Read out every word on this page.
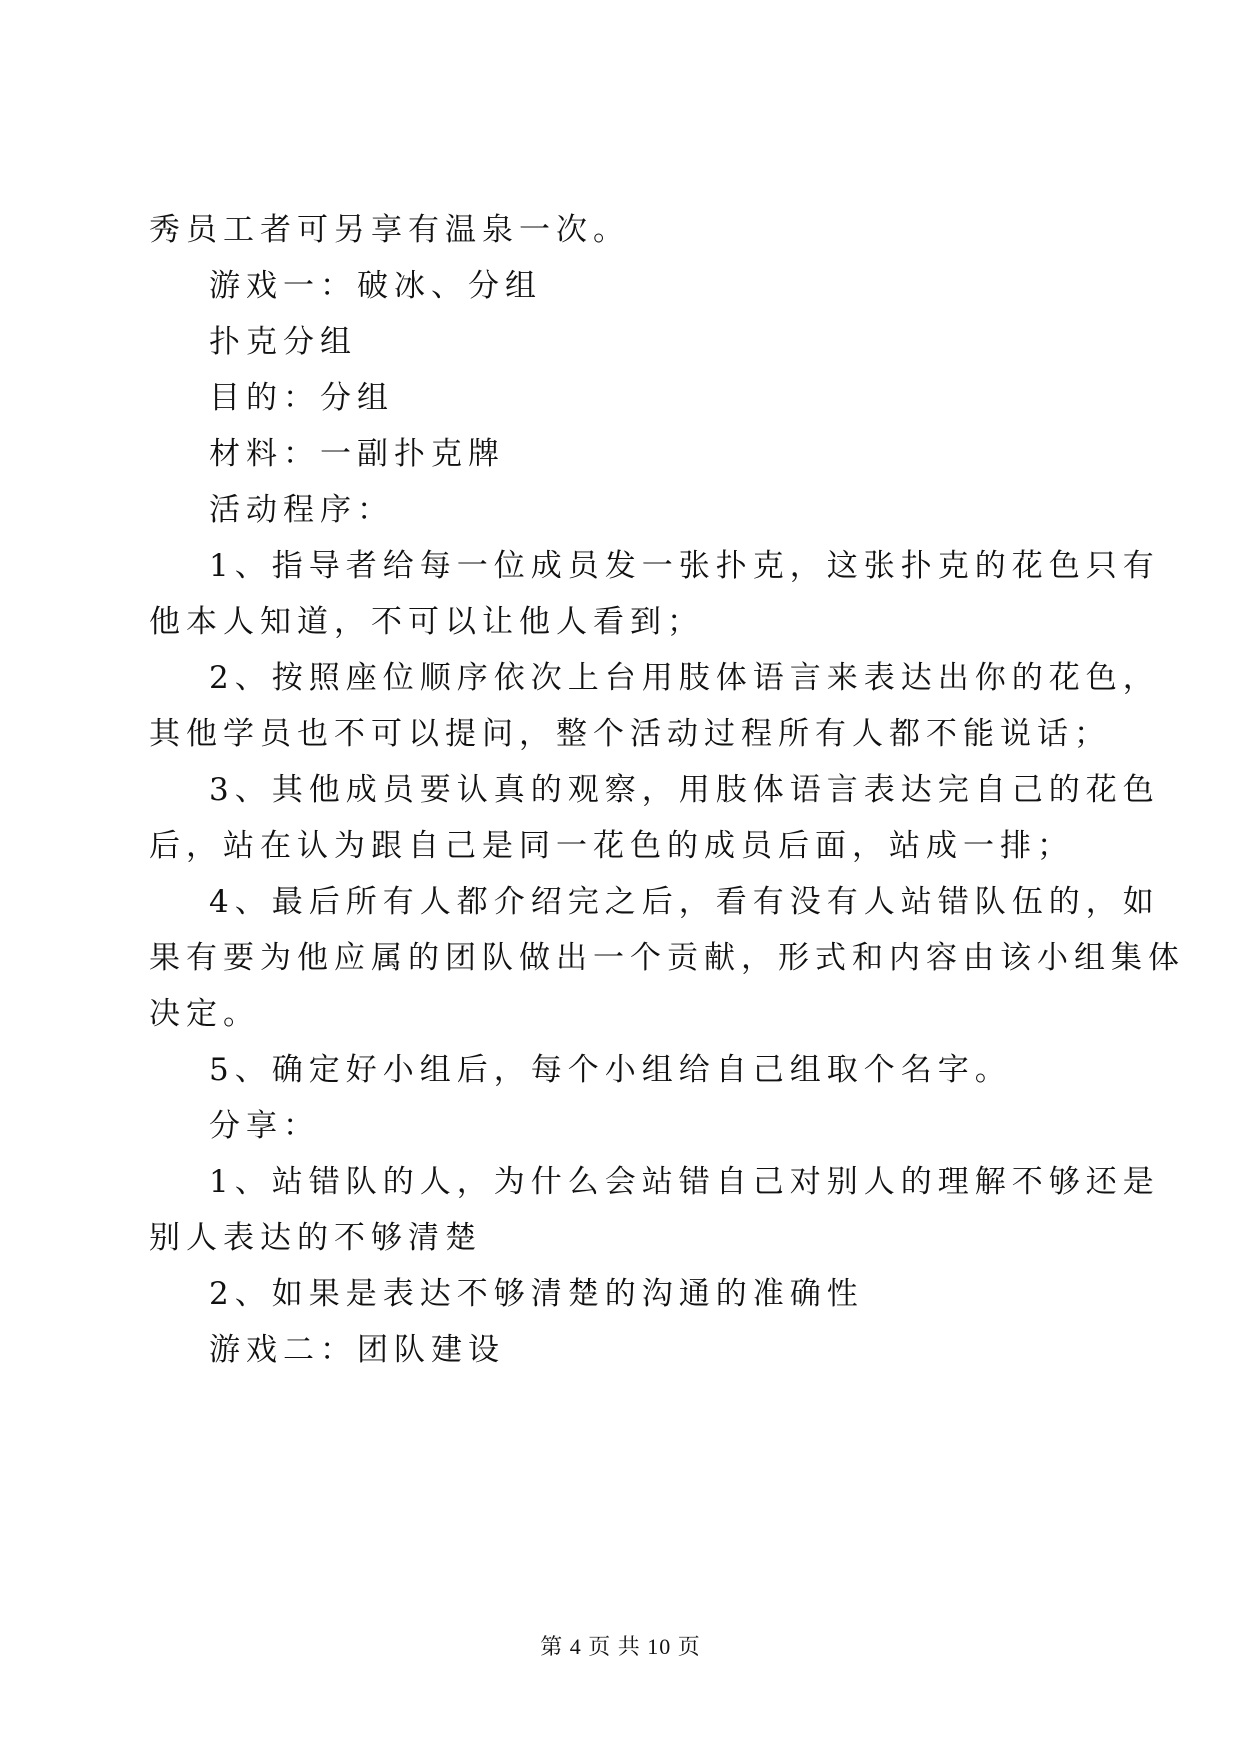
秀员工者可另享有温泉一次。
游戏一：破冰、分组
扑克分组
目的：分组
材料：一副扑克牌
活动程序：
1、指导者给每一位成员发一张扑克，这张扑克的花色只有
他本人知道，不可以让他人看到；
2、按照座位顺序依次上台用肢体语言来表达出你的花色，
其他学员也不可以提问，整个活动过程所有人都不能说话；
3、其他成员要认真的观察，用肢体语言表达完自己的花色
后，站在认为跟自己是同一花色的成员后面，站成一排；
4、最后所有人都介绍完之后，看有没有人站错队伍的，如
果有要为他应属的团队做出一个贡献，形式和内容由该小组集体
决定。
5、确定好小组后，每个小组给自己组取个名字。
分享：
1、站错队的人，为什么会站错自己对别人的理解不够还是
别人表达的不够清楚
2、如果是表达不够清楚的沟通的准确性
游戏二：团队建设
第 4 页 共 10 页
